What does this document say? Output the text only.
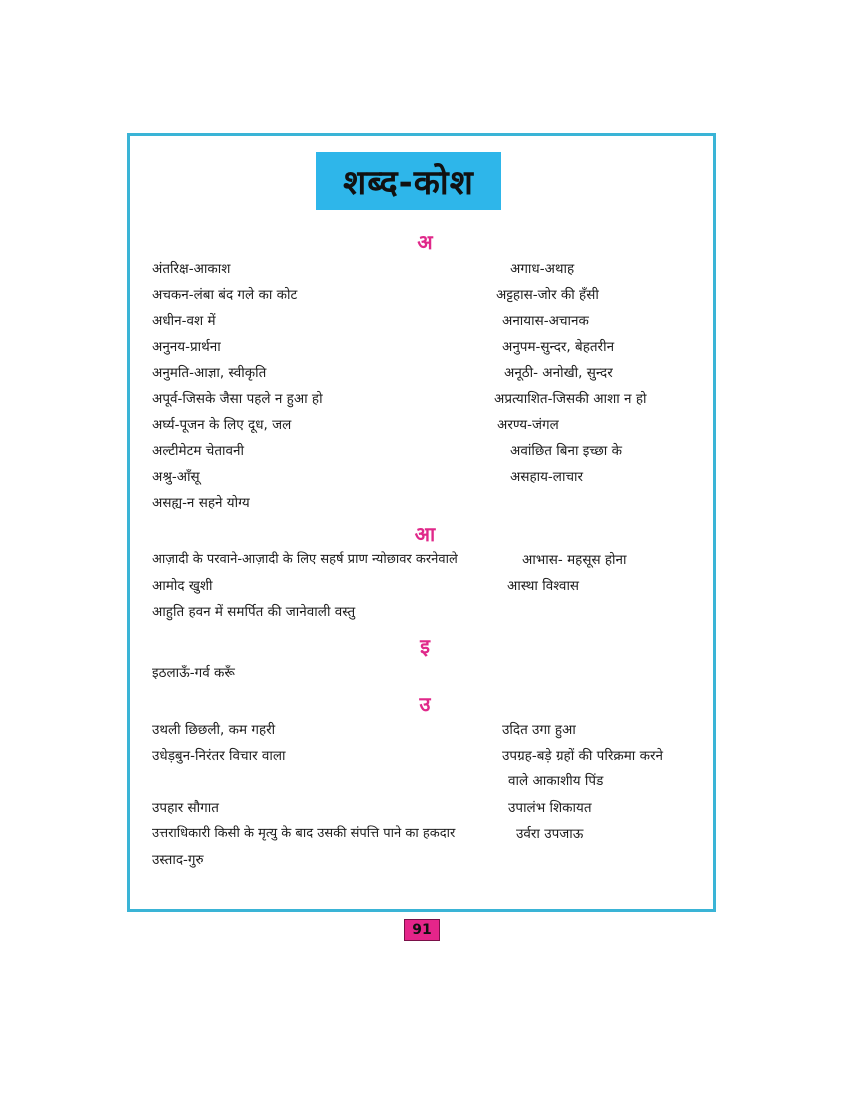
शब्द-कोश
अ
अंतरिक्ष-आकाश	अगाध-अथाह
अचकन-लंबा बंद गले का कोट	अट्टहास-जोर की हँसी
अधीन-वश में	अनायास-अचानक
अनुनय-प्रार्थना	अनुपम-सुन्दर, बेहतरीन
अनुमति-आज्ञा, स्वीकृति	अनूठी- अनोखी, सुन्दर
अपूर्व-जिसके जैसा पहले न हुआ हो	अप्रत्याशित-जिसकी आशा न हो
अर्घ्य-पूजन के लिए दूध, जल	अरण्य-जंगल
अल्टीमेटम चेतावनी	अवांछित बिना इच्छा के
अश्रु-आँसू	असहाय-लाचार
असह्य-न सहने योग्य
आ
आज़ादी के परवाने-आज़ादी के लिए सहर्ष प्राण न्योछावर करनेवाले	आभास- महसूस होना
आमोद खुशी	आस्था विश्वास
आहुति हवन में समर्पित की जानेवाली वस्तु
इ
इठलाऊँ-गर्व करूँ
उ
उथली छिछली, कम गहरी	उदित उगा हुआ
उधेड़बुन-निरंतर विचार वाला	उपग्रह-बड़े ग्रहों की परिक्रमा करने
वाले आकाशीय पिंड
उपहार सौगात	उपालंभ शिकायत
उत्तराधिकारी किसी के मृत्यु के बाद उसकी संपत्ति पाने का हकदार	उर्वरा उपजाऊ
उस्ताद-गुरु
91
